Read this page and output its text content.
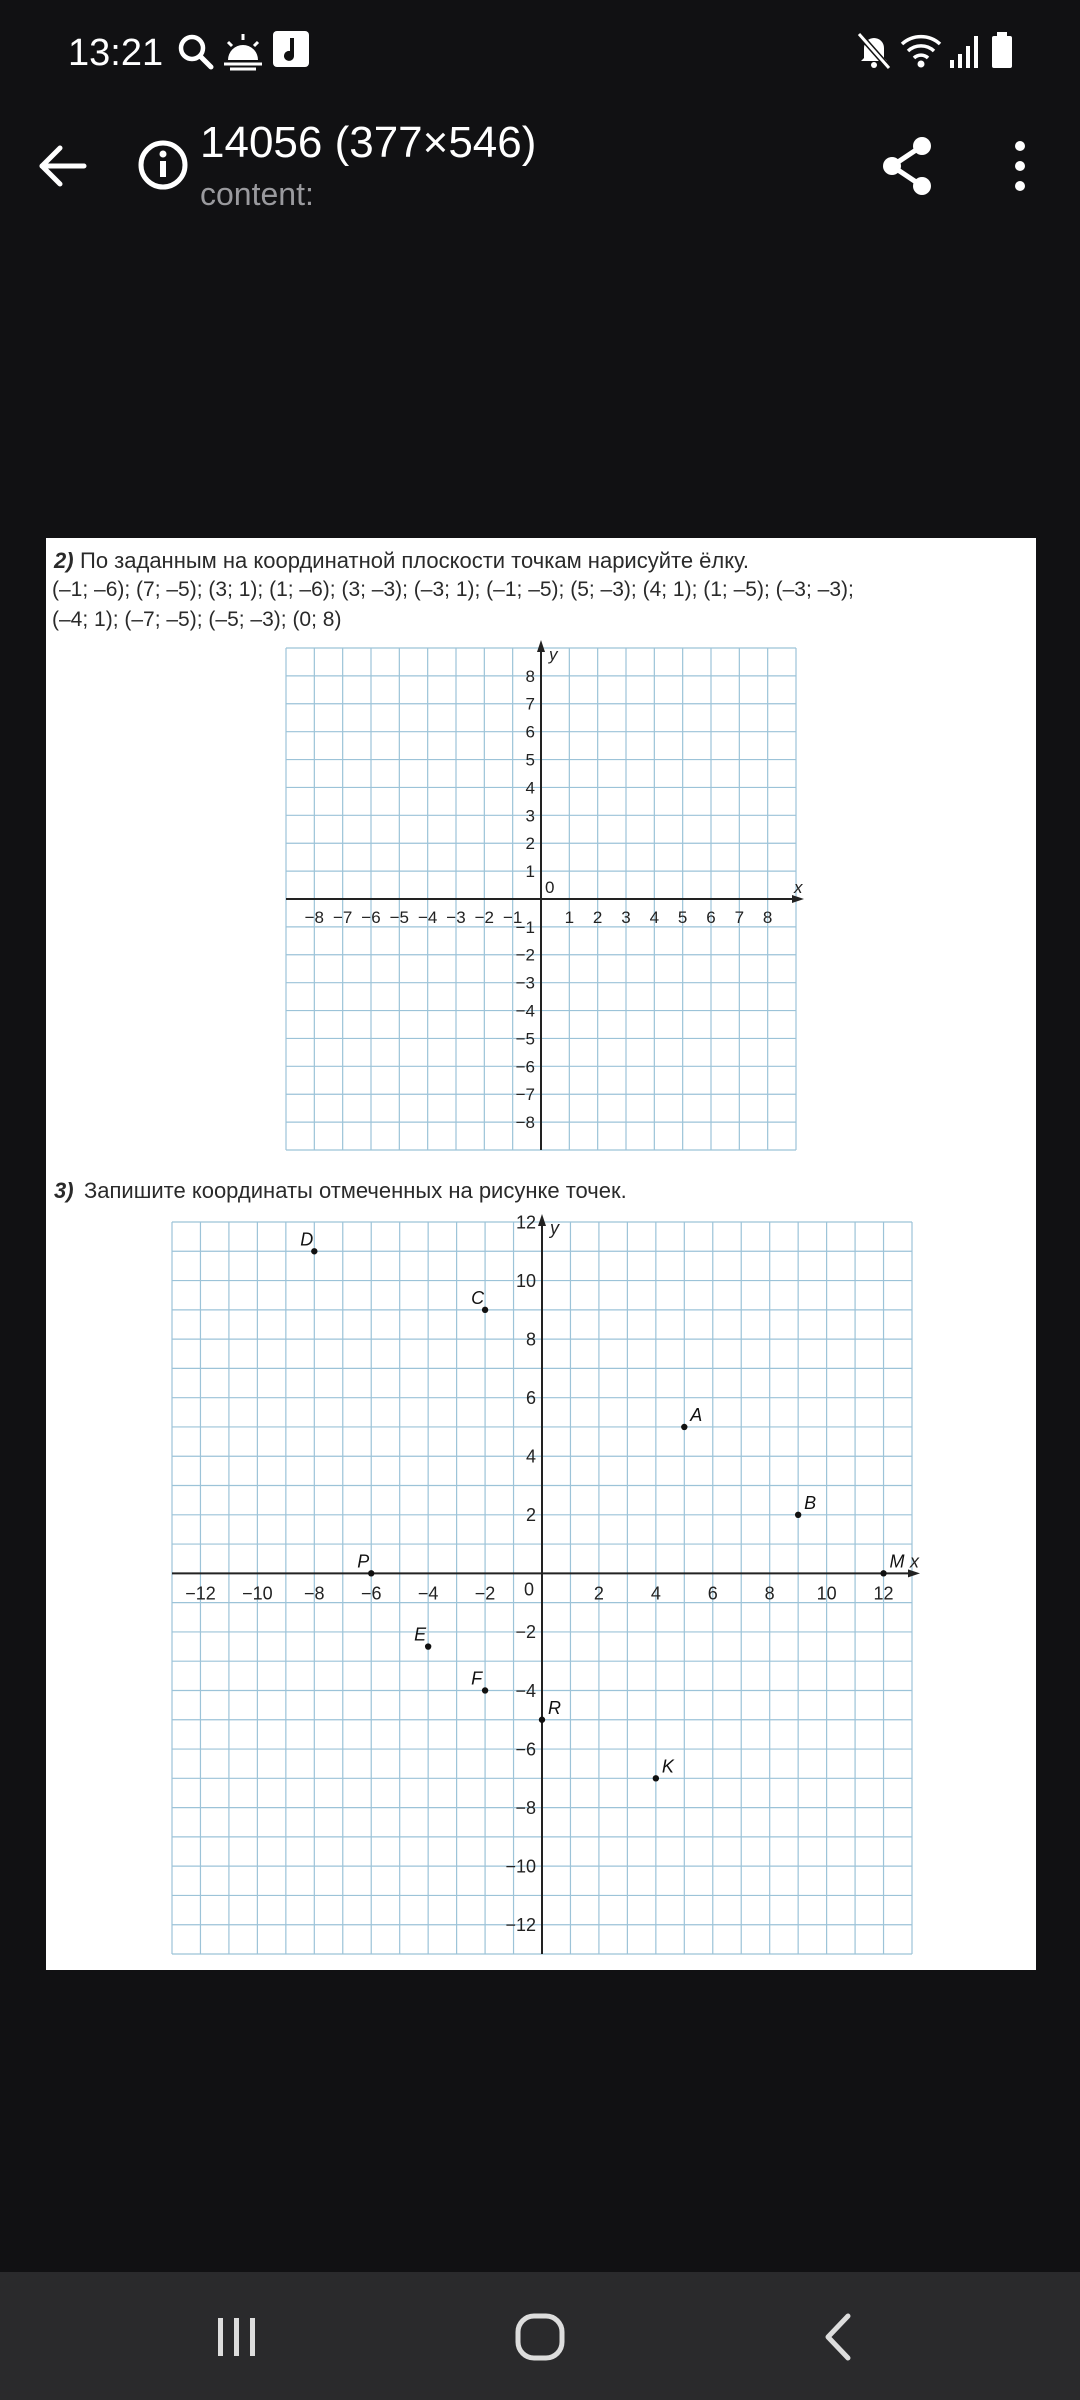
13:21
14056 (377×546)
content:
2) По заданным на координатной плоскости точкам нарисуйте ёлку.
(–1; –6); (7; –5); (3; 1); (1; –6); (3; –3); (–3; 1); (–1; –5); (5; –3); (4; 1); (1; –5); (–3; –3);
(–4; 1); (–7; –5); (–5; –3); (0; 8)
x
y
0
−8 −7 −6 −5 −4 −3 −2 −1 1 2 3 4 5 6 7 8
−8
−7
−6
−5
−4
−3
−2
−1
1
2
3
4
5
6
7
8
3) Запишите координаты отмеченных на рисунке точек.
x
y
0
−12 −10 −8 −6 −4 −2	2	4	6	8 10 12
12
10
8
6
4
2
−2
−4
−6
−8
−10
−12
D
C
A
B
P	M
E
F
R
K
